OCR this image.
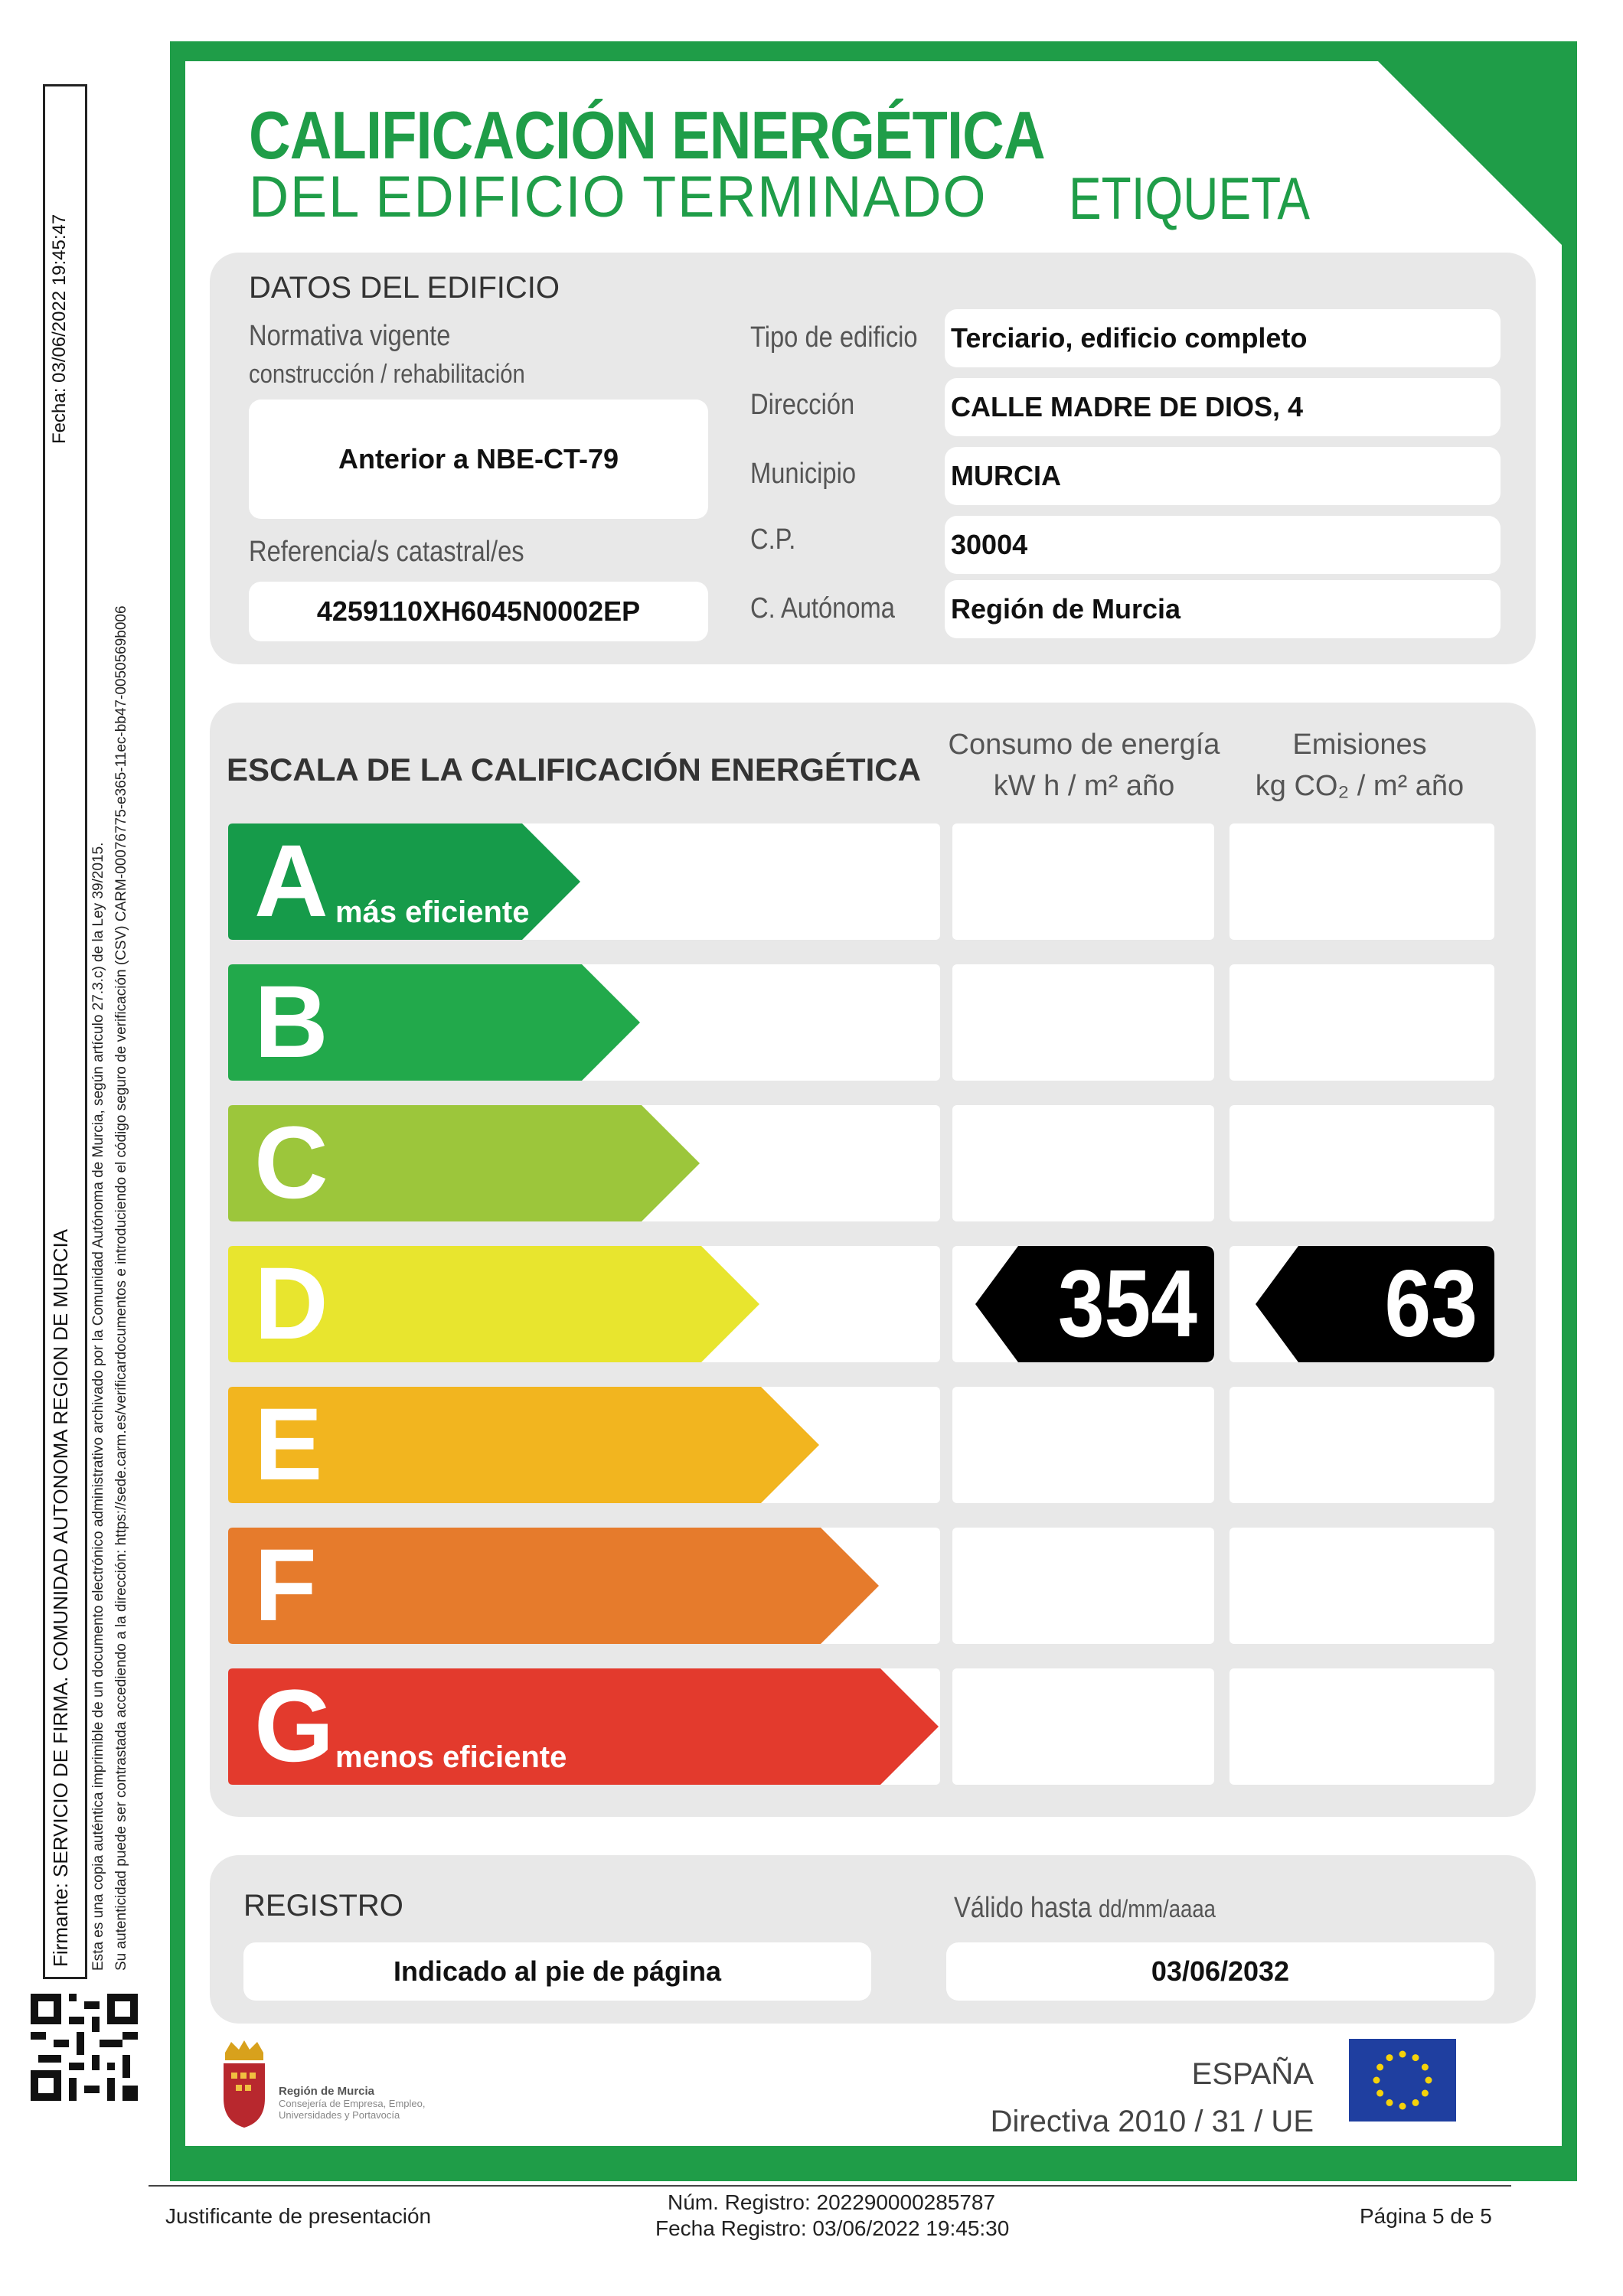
Firmante: SERVICIO DE FIRMA. COMUNIDAD AUTONOMA REGION DE MURCIA
Fecha: 03/06/2022 19:45:47
Esta es una copia auténtica imprimible de un documento electrónico administrativo archivado por la Comunidad Autónoma de Murcia, según artículo 27.3.c) de la Ley 39/2015. Su autenticidad puede ser contrastada accediendo a la dirección: https://sede.carm.es/verificardocumentos e introduciendo el código seguro de verificación (CSV) CARM-00076775-e365-11ec-bb47-0050569b006
CALIFICACIÓN ENERGÉTICA
DEL EDIFICIO TERMINADO ETIQUETA
DATOS DEL EDIFICIO
Normativa vigente
construcción / rehabilitación
Anterior a NBE-CT-79
Referencia/s catastral/es
4259110XH6045N0002EP
Tipo de edificio Terciario, edificio completo
Dirección	CALLE MADRE DE DIOS, 4
Municipio	MURCIA
C.P.	30004
C. Autónoma Región de Murcia
ESCALA DE LA CALIFICACIÓN ENERGÉTICA
Consumo de energía
kW h / m² año
Emisiones
kg CO₂ / m² año
A más eficiente
B
C
D	354 63
E
F
G menos eficiente
REGISTRO
Indicado al pie de página
Válido hasta dd/mm/aaaa
03/06/2032
Región de Murcia
Consejería de Empresa, Empleo,
Universidades y Portavocía
ESPAÑA
Directiva 2010 / 31 / UE
Justificante de presentación
Núm. Registro: 202290000285787
Fecha Registro: 03/06/2022 19:45:30
Página 5 de 5
